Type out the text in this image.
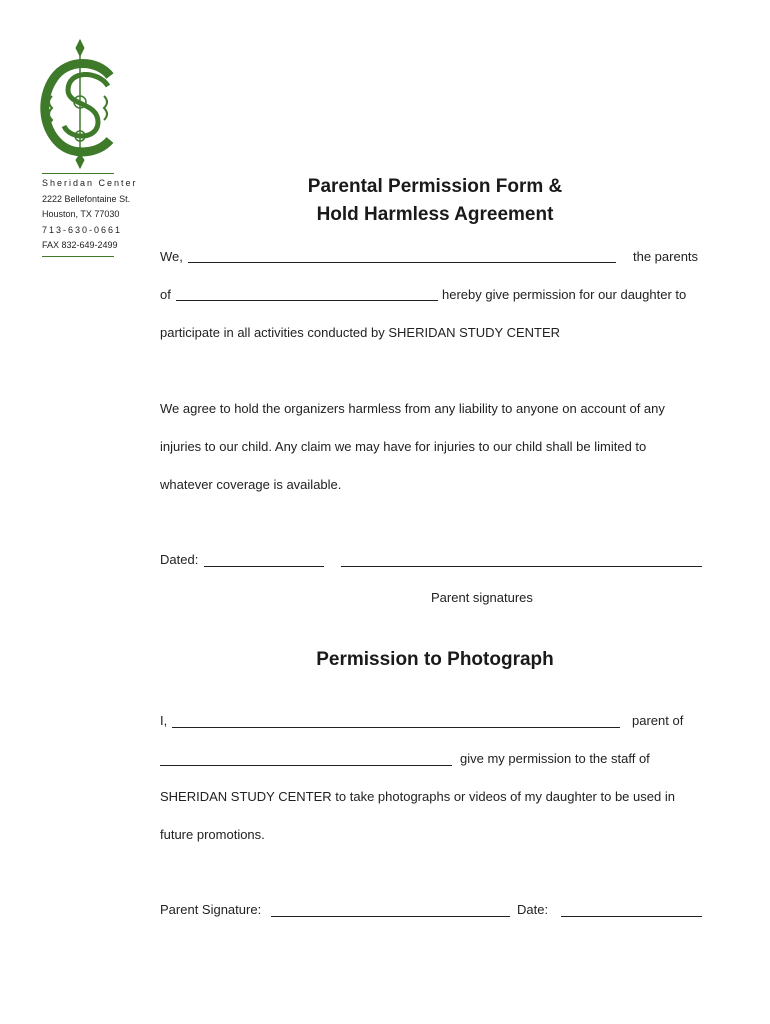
Sheridan Center
2222 Bellefontaine St.
Houston, TX 77030
713-630-0661
FAX 832-649-2499
Parental Permission Form &
Hold Harmless Agreement
We,	the parents
of	hereby give permission for our daughter to
participate in all activities conducted by SHERIDAN STUDY CENTER
We agree to hold the organizers harmless from any liability to anyone on account of any
injuries to our child. Any claim we may have for injuries to our child shall be limited to
whatever coverage is available.
Dated:
Parent signatures
Permission to Photograph
I,	parent of
give my permission to the staff of
SHERIDAN STUDY CENTER to take photographs or videos of my daughter to be used in
future promotions.
Parent Signature:	Date:
